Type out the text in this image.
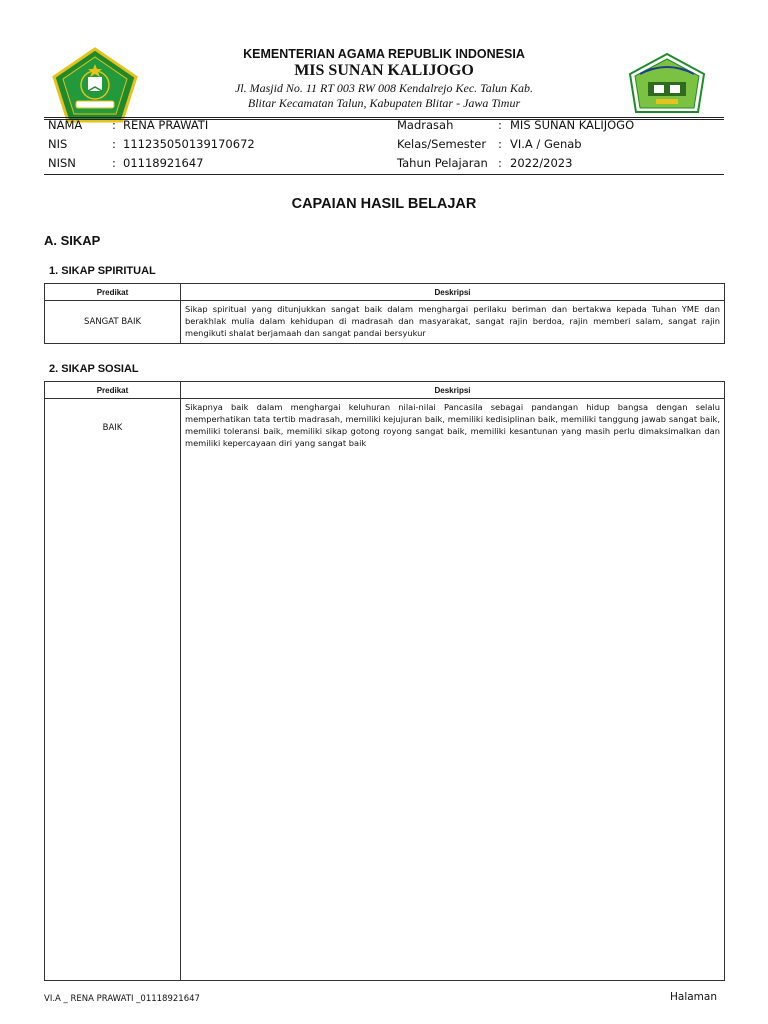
KEMENTERIAN AGAMA REPUBLIK INDONESIA
MIS SUNAN KALIJOGO
Jl. Masjid No. 11 RT 003 RW 008 Kendalrejo Kec. Talun Kab.
Blitar Kecamatan Talun, Kabupaten Blitar - Jawa Timur
NAMA	: RENA PRAWATI
NIS	: 111235050139170672
NISN	: 01118921647
Madrasah	: MIS SUNAN KALIJOGO
Kelas/Semester : VI.A / Genab
Tahun Pelajaran : 2022/2023
CAPAIAN HASIL BELAJAR
A. SIKAP
1. SIKAP SPIRITUAL
Predikat	Deskripsi
SANGAT BAIK	Sikap spiritual yang ditunjukkan sangat baik dalam menghargai perilaku beriman dan bertakwa kepada Tuhan YME dan berakhlak mulia dalam kehidupan di madrasah dan masyarakat, sangat rajin berdoa, rajin memberi salam, sangat rajin mengikuti shalat berjamaah dan sangat pandai bersyukur
2. SIKAP SOSIAL
Predikat	Deskripsi
BAIK	Sikapnya baik dalam menghargai keluhuran nilai-nilai Pancasila sebagai pandangan hidup bangsa dengan selalu memperhatikan tata tertib madrasah, memiliki kejujuran baik, memiliki kedisiplinan baik, memiliki tanggung jawab sangat baik, memiliki toleransi baik, memiliki sikap gotong royong sangat baik, memiliki kesantunan yang masih perlu dimaksimalkan dan memiliki kepercayaan diri yang sangat baik
VI.A _ RENA PRAWATI _01118921647	Halaman
